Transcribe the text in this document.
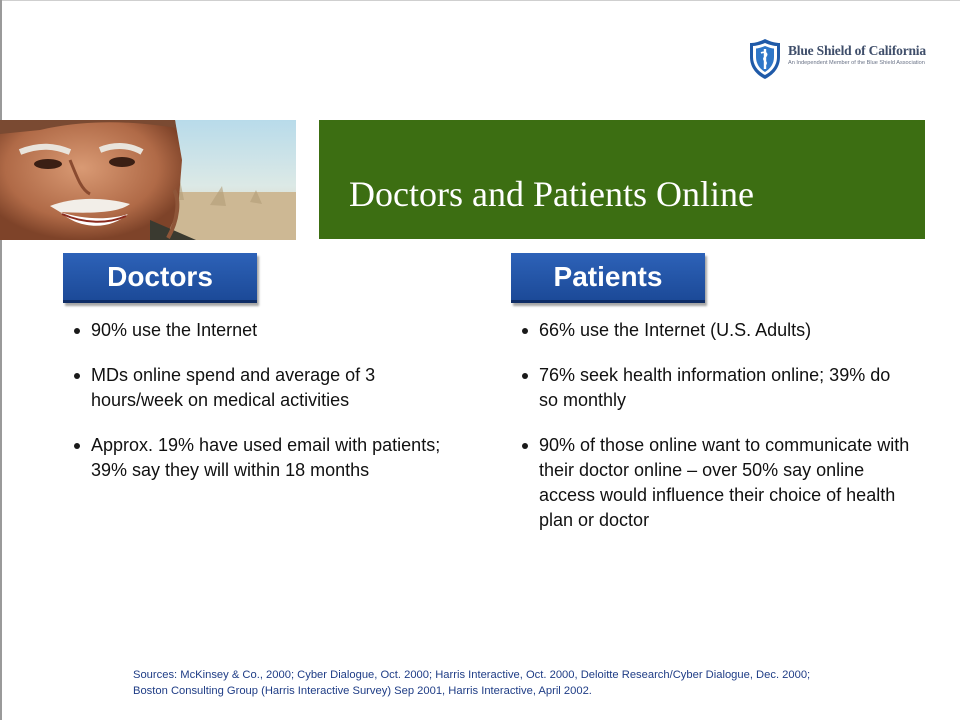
Blue Shield of California
An Independent Member of the Blue Shield Association
Doctors and Patients Online
Doctors
90% use the Internet
MDs online spend and average of 3 hours/week on medical activities
Approx. 19% have used email with patients; 39% say they will within 18 months
Patients
66% use the Internet (U.S. Adults)
76% seek health information online; 39% do so monthly
90% of those online want to communicate with their doctor online – over 50% say online access would influence their choice of health plan or doctor
Sources: McKinsey & Co., 2000; Cyber Dialogue, Oct. 2000; Harris Interactive, Oct. 2000, Deloitte Research/Cyber Dialogue, Dec. 2000; Boston Consulting Group (Harris Interactive Survey) Sep 2001, Harris Interactive, April 2002.
